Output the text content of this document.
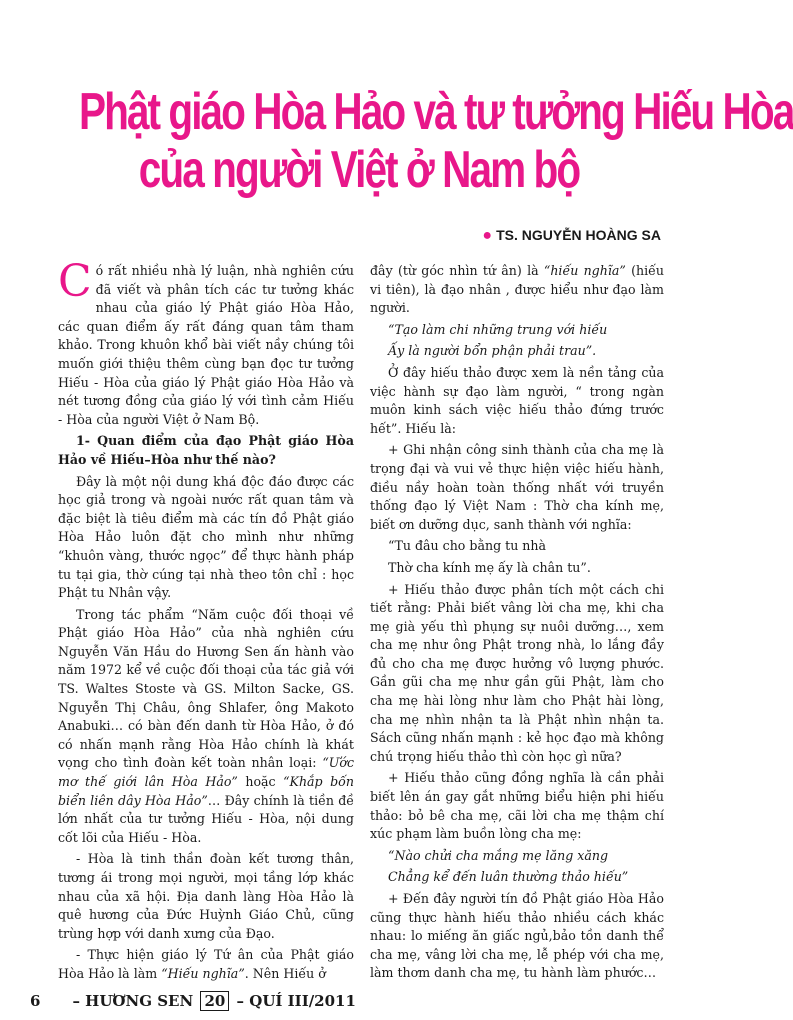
Phật giáo Hòa Hảo và tư tưởng Hiếu Hòa
của người Việt ở Nam bộ
● TS. NGUYỄN HOÀNG SA

Có rất nhiều nhà lý luận, nhà nghiên cứu đã viết và phân tích các tư tưởng khác nhau của giáo lý Phật giáo Hòa Hảo, các quan điểm ấy rất đáng quan tâm tham khảo. Trong khuôn khổ bài viết nầy chúng tôi muốn giới thiệu thêm cùng bạn đọc tư tưởng Hiếu - Hòa của giáo lý Phật giáo Hòa Hảo và nét tương đồng của giáo lý với tình cảm Hiếu - Hòa của người Việt ở Nam Bộ.

1- Quan điểm của đạo Phật giáo Hòa Hảo về Hiếu–Hòa như thế nào?

Đây là một nội dung khá độc đáo được các học giả trong và ngoài nước rất quan tâm và đặc biệt là tiêu điểm mà các tín đồ Phật giáo Hòa Hảo luôn đặt cho mình như những “khuôn vàng, thước ngọc” để thực hành pháp tu tại gia, thờ cúng tại nhà theo tôn chỉ : học Phật tu Nhân vậy.

Trong tác phẩm “Năm cuộc đối thoại về Phật giáo Hòa Hảo” của nhà nghiên cứu Nguyễn Văn Hầu do Hương Sen ấn hành vào năm 1972 kể về cuộc đối thoại của tác giả với TS. Waltes Stoste và GS. Milton Sacke, GS. Nguyễn Thị Châu, ông Shlafer, ông Makoto Anabuki… có bàn đến danh từ Hòa Hảo, ở đó có nhấn mạnh rằng Hòa Hảo chính là khát vọng cho tình đoàn kết toàn nhân loại: “Ước mơ thế giới lân Hòa Hảo” hoặc “Khắp bốn biển liên dây Hòa Hảo”… Đây chính là tiền đề lớn nhất của tư tưởng Hiếu - Hòa, nội dung cốt lõi của Hiếu - Hòa.

- Hòa là tinh thần đoàn kết tương thân, tương ái trong mọi người, mọi tầng lớp khác nhau của xã hội. Địa danh làng Hòa Hảo là quê hương của Đức Huỳnh Giáo Chủ, cũng trùng hợp với danh xưng của Đạo.

- Thực hiện giáo lý Tứ ân của Phật giáo Hòa Hảo là làm “Hiếu nghĩa”. Nên Hiếu ở

đây (từ góc nhìn tứ ân) là “hiếu nghĩa” (hiếu vi tiên), là đạo nhân , được hiểu như đạo làm người.

“Tạo làm chi những trung với hiếu

Ấy là người bổn phận phải trau”.

Ở đây hiếu thảo được xem là nền tảng của việc hành sự đạo làm người, “ trong ngàn muôn kinh sách việc hiếu thảo đứng trước hết”. Hiếu là:

+ Ghi nhận công sinh thành của cha mẹ là trọng đại và vui vẻ thực hiện việc hiếu hành, điều nầy hoàn toàn thống nhất với truyền thống đạo lý Việt Nam : Thờ cha kính mẹ, biết ơn dưỡng dục, sanh thành với nghĩa:

“Tu đâu cho bằng tu nhà

Thờ cha kính mẹ ấy là chân tu”.

+ Hiếu thảo được phân tích một cách chi tiết rằng: Phải biết vâng lời cha mẹ, khi cha mẹ già yếu thì phụng sự nuôi dưỡng…, xem cha mẹ như ông Phật trong nhà, lo lắng đầy đủ cho cha mẹ được hưởng vô lượng phước. Gần gũi cha mẹ như gần gũi Phật, làm cho cha mẹ hài lòng như làm cho Phật hài lòng, cha mẹ nhìn nhận ta là Phật nhìn nhận ta. Sách cũng nhấn mạnh : kẻ học đạo mà không chú trọng hiếu thảo thì còn học gì nữa?

+ Hiếu thảo cũng đồng nghĩa là cần phải biết lên án gay gắt những biểu hiện phi hiếu thảo: bỏ bê cha mẹ, cãi lời cha mẹ thậm chí xúc phạm làm buồn lòng cha mẹ:

“Nào chửi cha mắng mẹ lăng xăng

Chẳng kể đến luân thường thảo hiếu”

+ Đến đây người tín đồ Phật giáo Hòa Hảo cũng thực hành hiếu thảo nhiều cách khác nhau: lo miếng ăn giấc ngủ,bảo tồn danh thể cha mẹ, vâng lời cha mẹ, lễ phép với cha mẹ, làm thơm danh cha mẹ, tu hành làm phước…

6 – HƯƠNG SEN 20 – QUÍ III/2011
